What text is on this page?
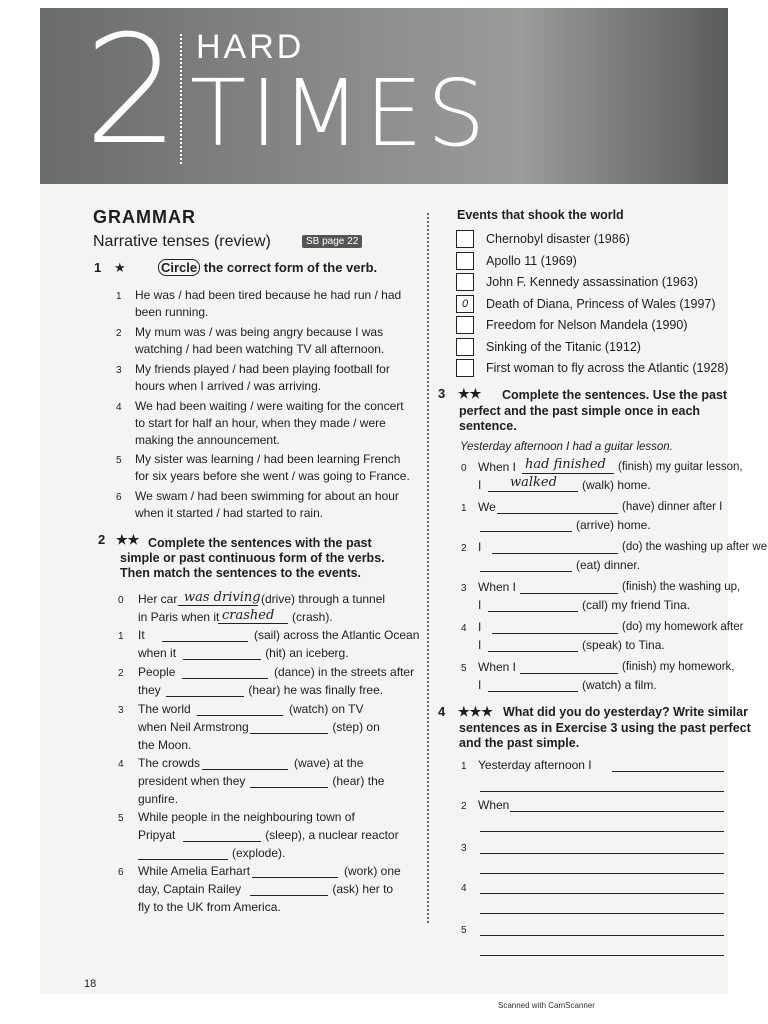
2 HARD
TIMES
GRAMMAR
Narrative tenses (review)	SB page 22
1 ★	Circle the correct form of the verb.
1 He was / had been tired because he had run / had
been running.
2 My mum was / was being angry because I was
watching / had been watching TV all afternoon.
3 My friends played / had been playing football for
hours when I arrived / was arriving.
4 We had been waiting / were waiting for the concert
to start for half an hour, when they made / were
making the announcement.
5 My sister was learning / had been learning French
for six years before she went / was going to France.
6 We swam / had been swimming for about an hour
when it started / had started to rain.
2 ★★ Complete the sentences with the past
simple or past continuous form of the verbs.
Then match the sentences to the events.
0 Her car was driving (drive) through a tunnel
in Paris when it crashed (crash).
1 It	(sail) across the Atlantic Ocean
when it	(hit) an iceberg.
2 People	(dance) in the streets after
they	(hear) he was finally free.
3 The world	(watch) on TV
when Neil Armstrong	(step) on
the Moon.
4 The crowds	(wave) at the
president when they	(hear) the
gunfire.
5 While people in the neighbouring town of
Pripyat	(sleep), a nuclear reactor
(explode).
6 While Amelia Earhart	(work) one
day, Captain Railey	(ask) her to
fly to the UK from America.
Events that shook the world
Chernobyl disaster (1986)
Apollo 11 (1969)
John F. Kennedy assassination (1963)
0	Death of Diana, Princess of Wales (1997)
Freedom for Nelson Mandela (1990)
Sinking of the Titanic (1912)
First woman to fly across the Atlantic (1928)
3 ★★ Complete the sentences. Use the past
perfect and the past simple once in each
sentence.
Yesterday afternoon I had a guitar lesson.
0 When I had finished (finish) my guitar lesson,
I walked (walk) home.
1 We	(have) dinner after I
(arrive) home.
2 I	(do) the washing up after we
(eat) dinner.
3 When I	(finish) the washing up,
I	(call) my friend Tina.
4 I	(do) my homework after
I	(speak) to Tina.
5 When I	(finish) my homework,
I	(watch) a film.
4 ★★★ What did you do yesterday? Write similar
sentences as in Exercise 3 using the past perfect
and the past simple.
1 Yesterday afternoon I
2 When
3
4
5
18
Scanned with CamScanner
